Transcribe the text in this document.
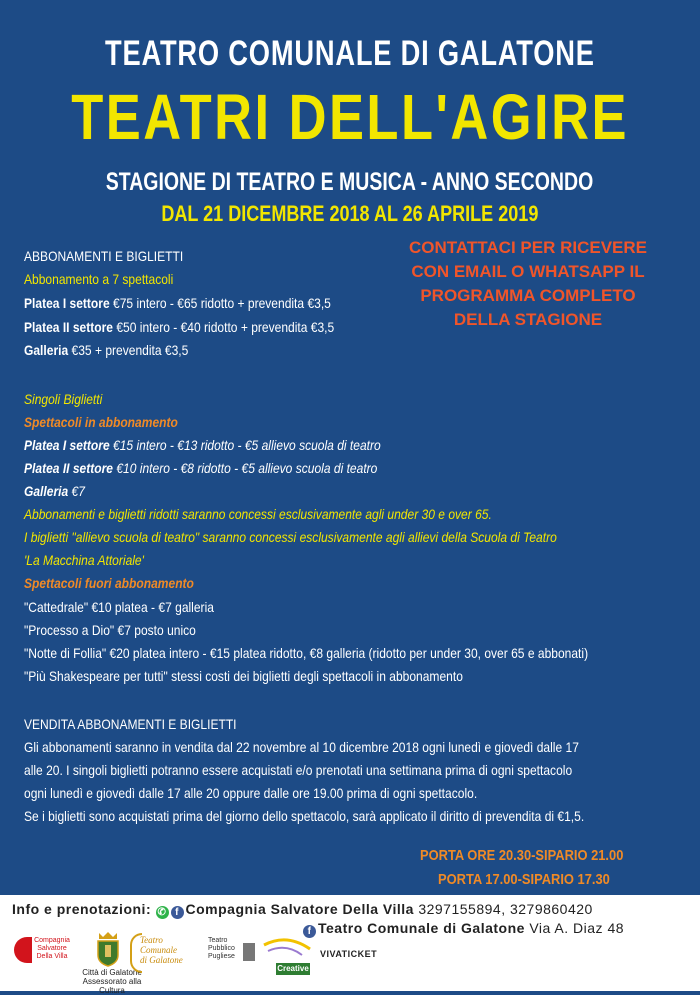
TEATRO COMUNALE DI GALATONE
TEATRI DELL'AGIRE
STAGIONE DI TEATRO E MUSICA - ANNO SECONDO
DAL 21 DICEMBRE 2018 AL 26 APRILE 2019
CONTATTACI PER RICEVERE
CON EMAIL O WHATSAPP IL
PROGRAMMA COMPLETO
DELLA STAGIONE
ABBONAMENTI E BIGLIETTI
Abbonamento a 7 spettacoli
Platea I settore €75 intero - €65 ridotto + prevendita €3,5
Platea II settore €50 intero - €40 ridotto + prevendita €3,5
Galleria €35 + prevendita €3,5
Singoli Biglietti
Spettacoli in abbonamento
Platea I settore €15 intero - €13 ridotto - €5 allievo scuola di teatro
Platea II settore €10 intero - €8 ridotto - €5 allievo scuola di teatro
Galleria €7
Abbonamenti e biglietti ridotti saranno concessi esclusivamente agli under 30 e over 65.
I biglietti "allievo scuola di teatro" saranno concessi esclusivamente agli allievi della Scuola di Teatro
'La Macchina Attoriale'
Spettacoli fuori abbonamento
"Cattedrale" €10 platea - €7 galleria
"Processo a Dio" €7 posto unico
"Notte di Follia" €20 platea intero - €15 platea ridotto, €8 galleria (ridotto per under 30, over 65 e abbonati)
"Più Shakespeare per tutti" stessi costi dei biglietti degli spettacoli in abbonamento
VENDITA ABBONAMENTI E BIGLIETTI
Gli abbonamenti saranno in vendita dal 22 novembre al 10 dicembre 2018 ogni lunedì e giovedì dalle 17
alle 20. I singoli biglietti potranno essere acquistati e/o prenotati una settimana prima di ogni spettacolo
ogni lunedì e giovedì dalle 17 alle 20 oppure dalle ore 19.00 prima di ogni spettacolo.
Se i biglietti sono acquistati prima del giorno dello spettacolo, sarà applicato il diritto di prevendita di €1,5.
PORTA ORE 20.30-SIPARIO 21.00
PORTA 17.00-SIPARIO 17.30
Info e prenotazioni: ✆ f Compagnia Salvatore Della Villa 3297155894, 3279860420
f Teatro Comunale di Galatone Via A. Diaz 48
Compagnia
Salvatore
Della Villa
Città di Galatone
Assessorato alla Cultura
Teatro
Comunale
di Galatone
Teatro
Pubblico
Pugliese
Creative
VIVATICKET
